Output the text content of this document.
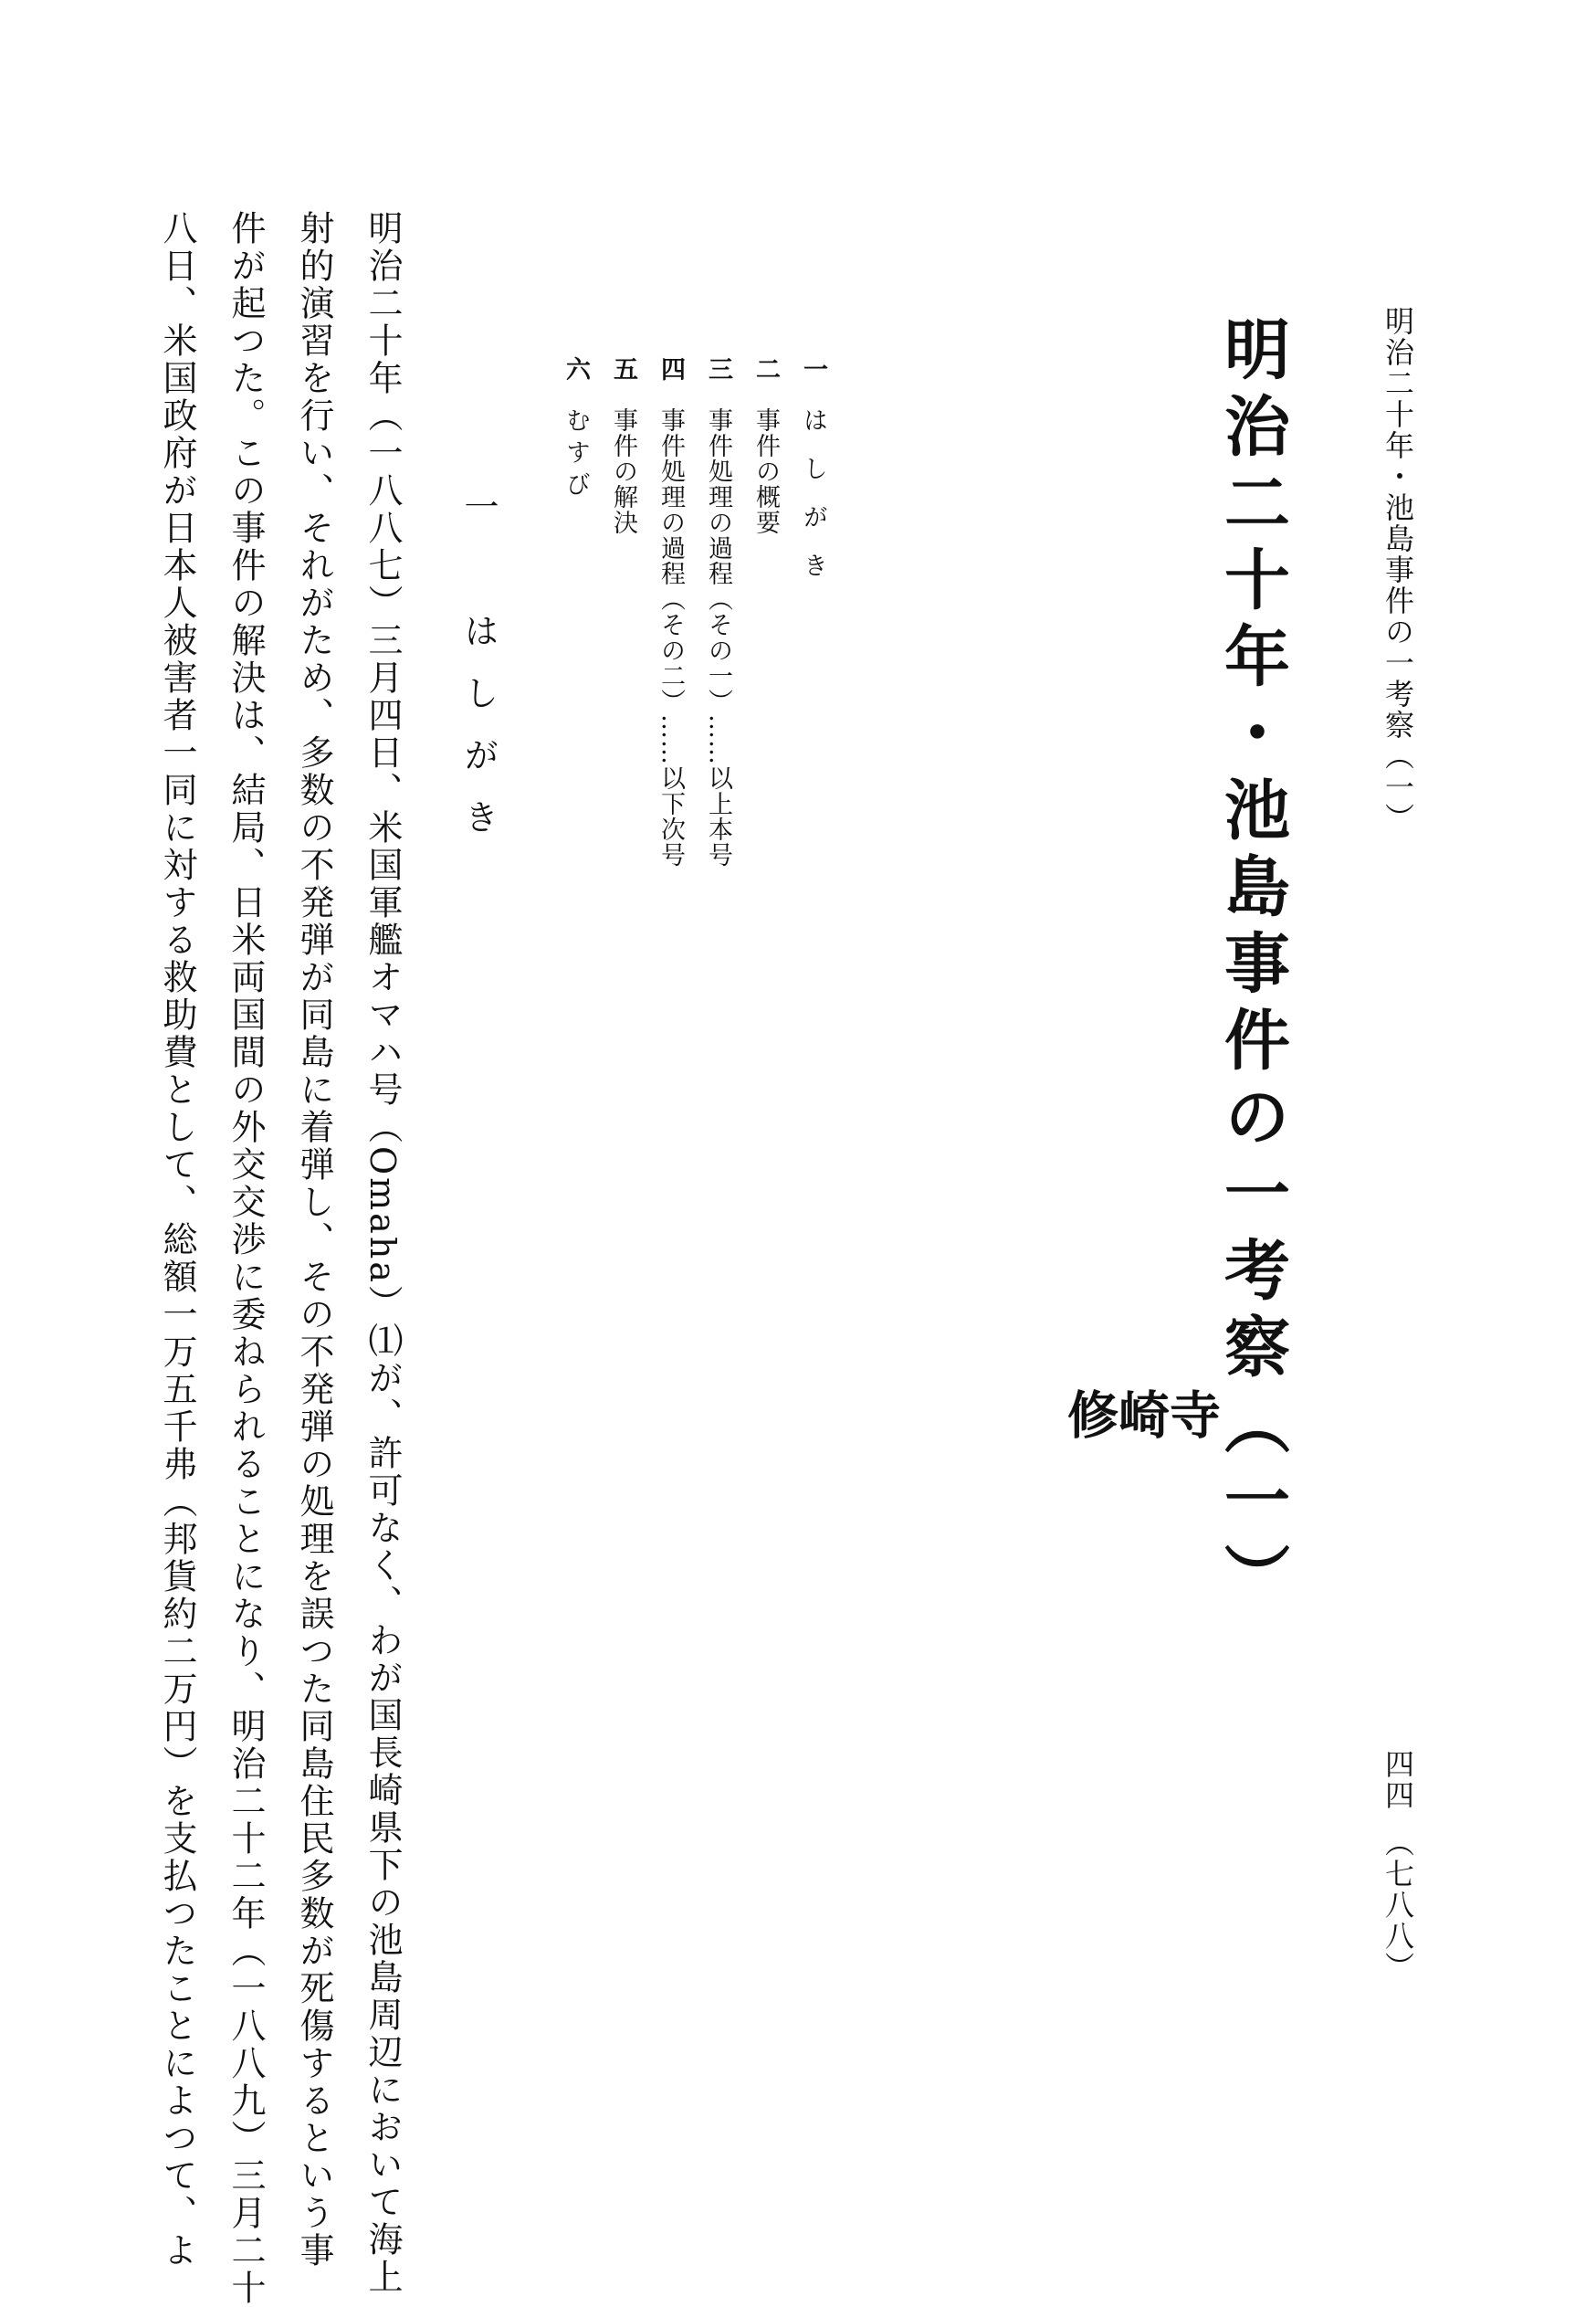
明治二十年・池島事件の一考察（一）
四四　（七八八）
明治二十年・池島事件の一考察（一）
寺
崎
修
一　はしがき
二　事件の概要
三　事件処理の過程（その一）……以上本号
四　事件処理の過程（その二）……以下次号
五　事件の解決
六　むすび
一　はしがき
明治二十年（一八八七）三月四日、米国軍艦オマハ号（Omaha）⑴が、許可なく、わが国長崎県下の池島周辺において海上
射的演習を行い、それがため、多数の不発弾が同島に着弾し、その不発弾の処理を誤つた同島住民多数が死傷するという事
件が起つた。この事件の解決は、結局、日米両国間の外交交渉に委ねられることになり、明治二十二年（一八八九）三月二十
八日、米国政府が日本人被害者一同に対する救助費として、総額一万五千弗（邦貨約二万円）を支払つたことによつて、よ
